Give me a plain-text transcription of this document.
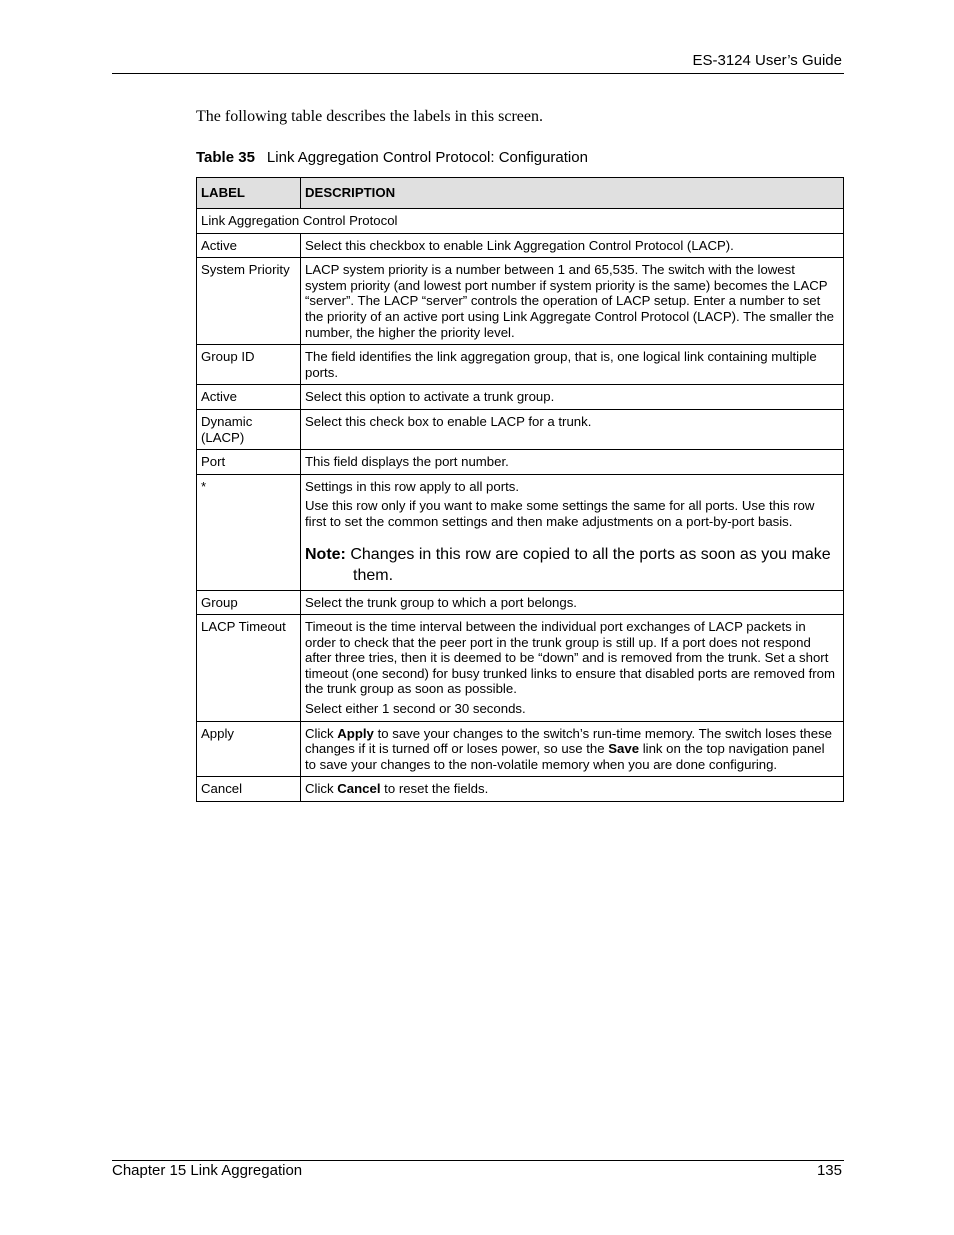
ES-3124 User’s Guide
The following table describes the labels in this screen.
Table 35 Link Aggregation Control Protocol: Configuration
LABEL	DESCRIPTION
Link Aggregation Control Protocol	
Active	Select this checkbox to enable Link Aggregation Control Protocol (LACP).
System Priority	LACP system priority is a number between 1 and 65,535. The switch with the lowest system priority (and lowest port number if system priority is the same) becomes the LACP “server”. The LACP “server” controls the operation of LACP setup. Enter a number to set the priority of an active port using Link Aggregate Control Protocol (LACP). The smaller the number, the higher the priority level.
Group ID	The field identifies the link aggregation group, that is, one logical link containing multiple ports.
Active	Select this option to activate a trunk group.
Dynamic (LACP)	Select this check box to enable LACP for a trunk.
Port	This field displays the port number.
*	Settings in this row apply to all ports.

Use this row only if you want to make some settings the same for all ports. Use this row first to set the common settings and then make adjustments on a port-by-port basis.

Note: Changes in this row are copied to all the ports as soon as you make them.

Group	Select the trunk group to which a port belongs.
LACP Timeout	Timeout is the time interval between the individual port exchanges of LACP packets in order to check that the peer port in the trunk group is still up. If a port does not respond after three tries, then it is deemed to be “down” and is removed from the trunk. Set a short timeout (one second) for busy trunked links to ensure that disabled ports are removed from the trunk group as soon as possible.

Select either 1 second or 30 seconds.

Apply	Click Apply to save your changes to the switch’s run-time memory. The switch loses these changes if it is turned off or loses power, so use the Save link on the top navigation panel to save your changes to the non-volatile memory when you are done configuring.
Cancel	Click Cancel to reset the fields.
Chapter 15 Link Aggregation	135
